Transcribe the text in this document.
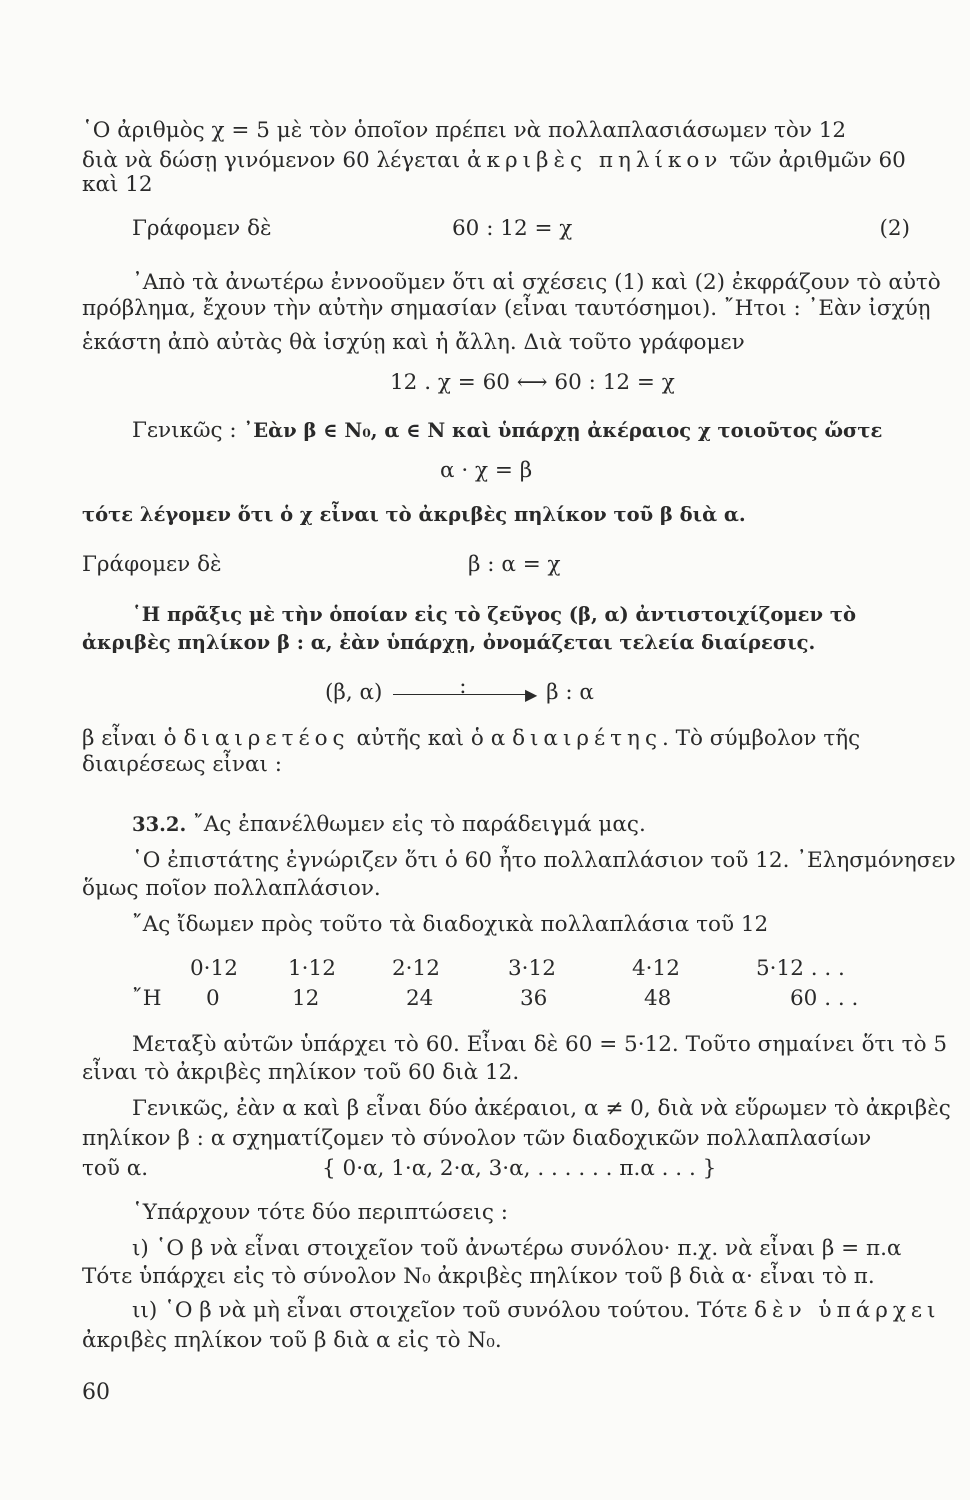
῾Ο ἀριθμὸς χ = 5 μὲ τὸν ὁποῖον πρέπει νὰ πολλαπλασιάσωμεν τὸν 12
διὰ νὰ δώσῃ γινόμενον 60 λέγεται ἀκριβὲς πηλίκον τῶν ἀριθμῶν 60
καὶ 12
Γράφομεν δὲ	60 : 12 = χ	(2)
᾿Απὸ τὰ ἀνωτέρω ἐννοοῦμεν ὅτι αἱ σχέσεις (1) καὶ (2) ἐκφράζουν τὸ αὐτὸ
πρόβλημα, ἔχουν τὴν αὐτὴν σημασίαν (εἶναι ταυτόσημοι). ῎Ητοι : ᾿Εὰν ἰσχύῃ
ἑκάστη ἀπὸ αὐτὰς θὰ ἰσχύῃ καὶ ἡ ἄλλη. Διὰ τοῦτο γράφομεν
12 . χ = 60 ⟷ 60 : 12 = χ
Γενικῶς : ᾿Εὰν β ∈ N₀, α ∈ N καὶ ὑπάρχῃ ἀκέραιος χ τοιοῦτος ὥστε
α · χ = β
τότε λέγομεν ὅτι ὁ χ εἶναι τὸ ἀκριβὲς πηλίκον τοῦ β διὰ α.
Γράφομεν δὲ	β : α = χ
῾Η πρᾶξις μὲ τὴν ὁποίαν εἰς τὸ ζεῦγος (β, α) ἀντιστοιχίζομεν τὸ
ἀκριβὲς πηλίκον β : α, ἐὰν ὑπάρχῃ, ὀνομάζεται τελεία διαίρεσις.
(β, α)	▶
:	β : α
β εἶναι ὁ διαιρετέος αὐτῆς καὶ ὁ α διαιρέτης. Τὸ σύμβολον τῆς
διαιρέσεως εἶναι :
33.2. ῎Ας ἐπανέλθωμεν εἰς τὸ παράδειγμά μας.
῾Ο ἐπιστάτης ἐγνώριζεν ὅτι ὁ 60 ἦτο πολλαπλάσιον τοῦ 12. ᾿Ελησμόνησεν
ὅμως ποῖον πολλαπλάσιον.
῎Ας ἴδωμεν πρὸς τοῦτο τὰ διαδοχικὰ πολλαπλάσια τοῦ 12
0·12 1·12	2·12	3·12	4·12	5·12 . . .
῎Η 0	12	24	36	48	60 . . .
Μεταξὺ αὐτῶν ὑπάρχει τὸ 60. Εἶναι δὲ 60 = 5·12. Τοῦτο σημαίνει ὅτι τὸ 5
εἶναι τὸ ἀκριβὲς πηλίκον τοῦ 60 διὰ 12.
Γενικῶς, ἐὰν α καὶ β εἶναι δύο ἀκέραιοι, α ≠ 0, διὰ νὰ εὕρωμεν τὸ ἀκριβὲς
πηλίκον β : α σχηματίζομεν τὸ σύνολον τῶν διαδοχικῶν πολλαπλασίων
τοῦ α.	{ 0·α, 1·α, 2·α, 3·α, . . . . . . π.α . . . }
῾Υπάρχουν τότε δύο περιπτώσεις :
ι) ῾Ο β νὰ εἶναι στοιχεῖον τοῦ ἀνωτέρω συνόλου· π.χ. νὰ εἶναι β = π.α
Τότε ὑπάρχει εἰς τὸ σύνολον N₀ ἀκριβὲς πηλίκον τοῦ β διὰ α· εἶναι τὸ π.
ιι) ῾Ο β νὰ μὴ εἶναι στοιχεῖον τοῦ συνόλου τούτου. Τότε δὲν ὑπάρχει
ἀκριβὲς πηλίκον τοῦ β διὰ α εἰς τὸ N₀.
60
